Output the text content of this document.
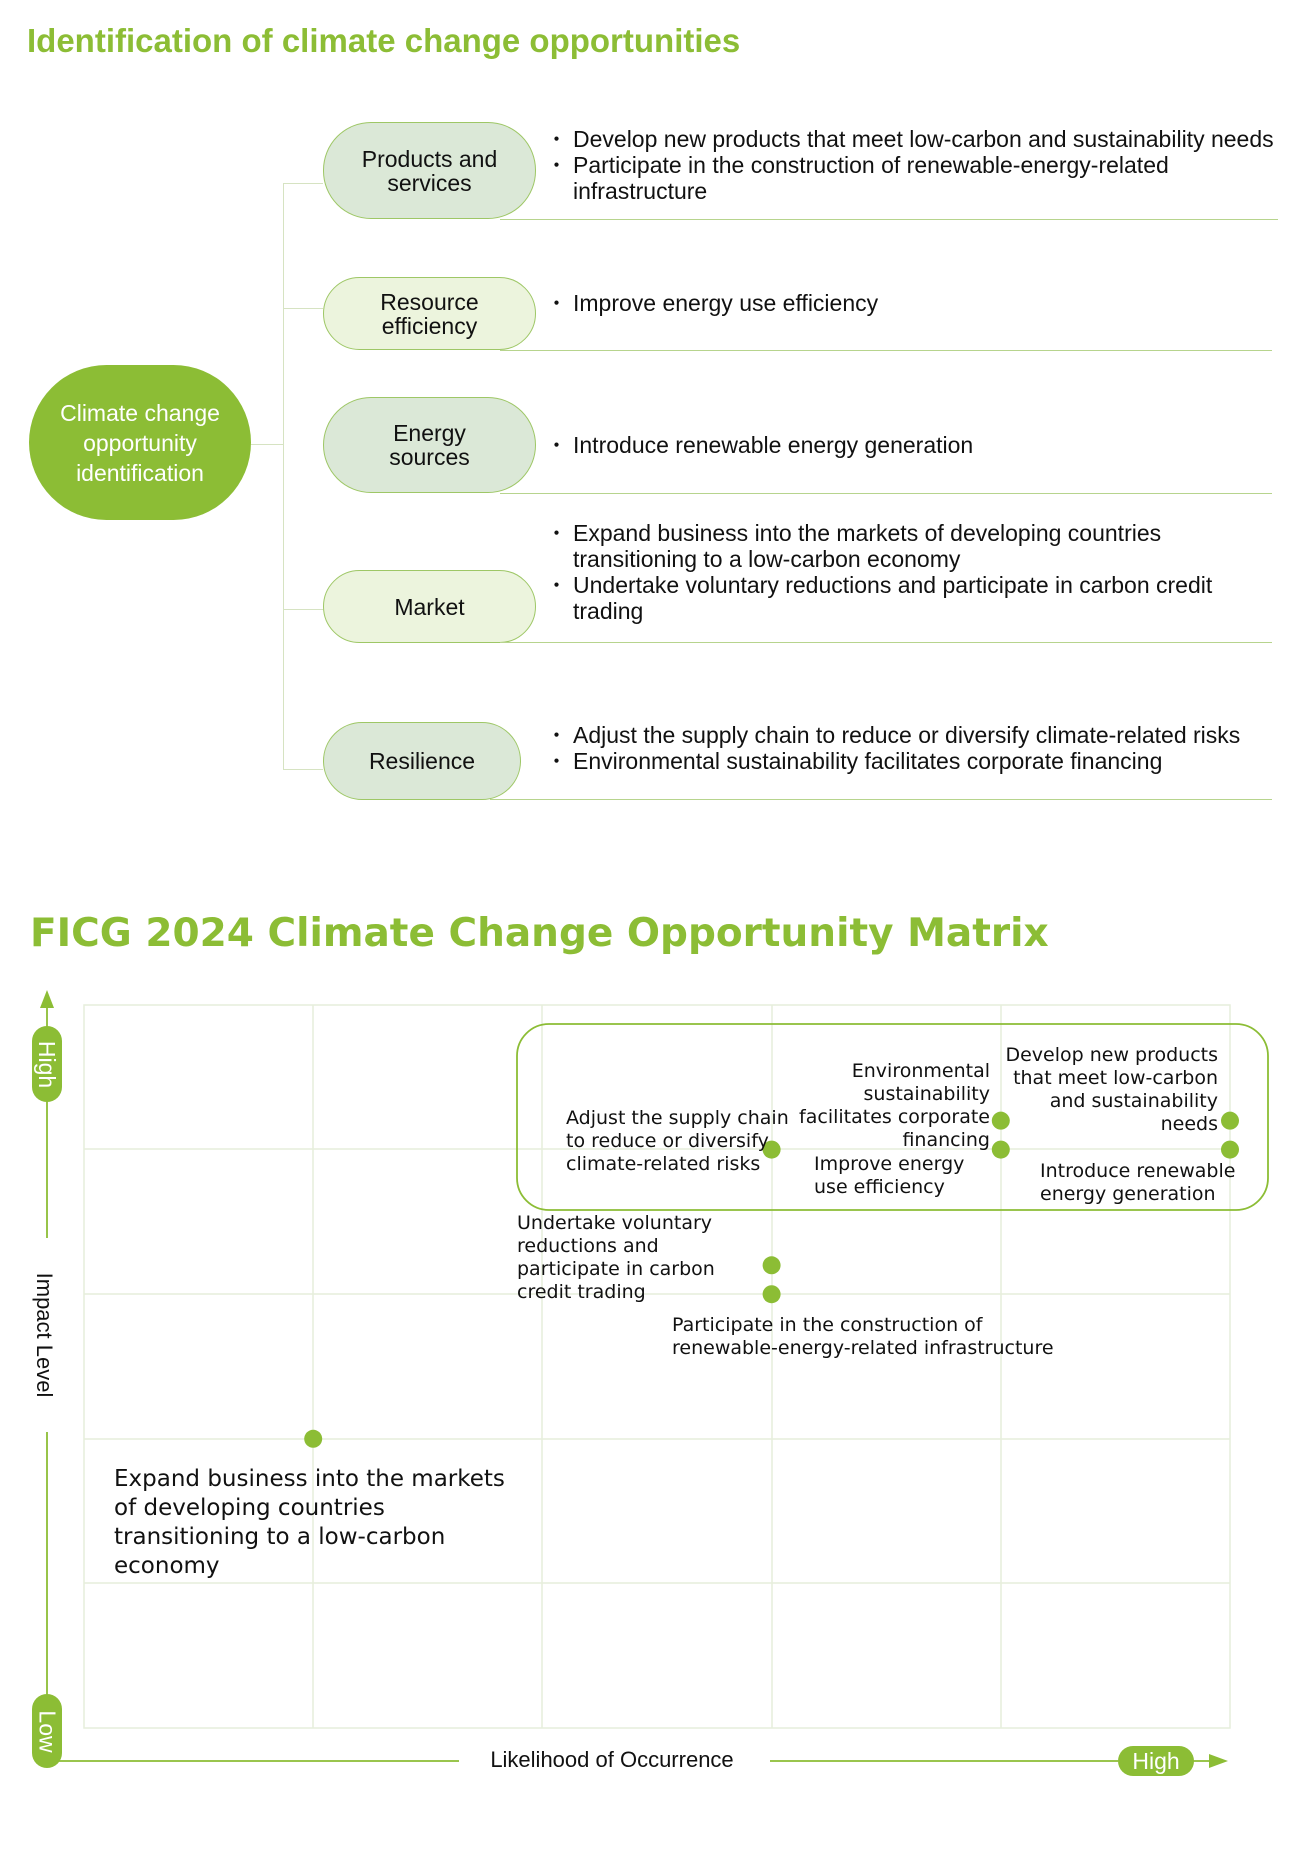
Identification of climate change opportunities
Climate change opportunity identification
Products and services
・ Develop new products that meet low-carbon and sustainability needs
・ Participate in the construction of renewable-energy-related infrastructure
Resource efficiency
・ Improve energy use efficiency
Energy sources
・	Introduce renewable energy generation
Market
・ Expand business into the markets of developing countries transitioning to a low-carbon economy
・ Undertake voluntary reductions and participate in carbon credit trading
Resilience
・ Adjust the supply chain to reduce or diversify climate-related risks
・ Environmental sustainability facilitates corporate financing
FICG 2024 Climate Change Opportunity Matrix
High
Low
Impact Level
Likelihood of Occurrence	High
Develop new products that meet low-carbon and sustainability needs
Introduce renewable energy generation
Environmental sustainability facilitates corporate financing
Improve energy use efficiency
Adjust the supply chain to reduce or diversify climate-related risks
Undertake voluntary reductions and participate in carbon credit trading
Participate in the construction of renewable-energy-related infrastructure
Expand business into the markets of developing countries transitioning to a low-carbon economy
